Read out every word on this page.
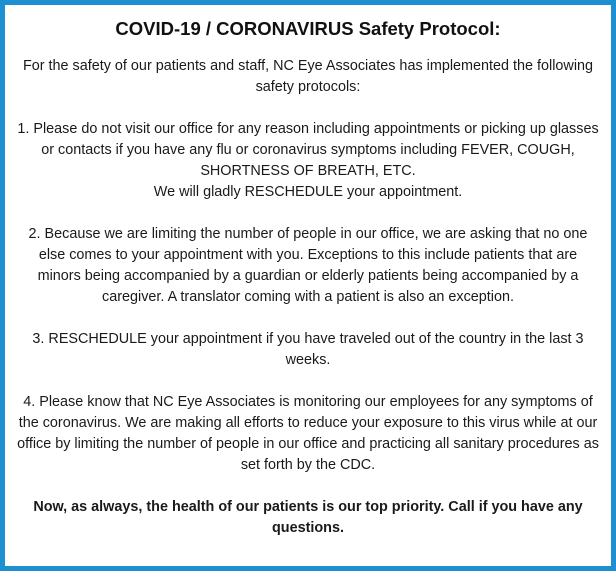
COVID-19 / CORONAVIRUS Safety Protocol:

For the safety of our patients and staff, NC Eye Associates has implemented the following safety protocols:

1. Please do not visit our office for any reason including appointments or picking up glasses or contacts if you have any flu or coronavirus symptoms including FEVER, COUGH, SHORTNESS OF BREATH, ETC.
We will gladly RESCHEDULE your appointment.

2. Because we are limiting the number of people in our office, we are asking that no one else comes to your appointment with you. Exceptions to this include patients that are minors being accompanied by a guardian or elderly patients being accompanied by a caregiver. A translator coming with a patient is also an exception.

3. RESCHEDULE your appointment if you have traveled out of the country in the last 3 weeks.

4. Please know that NC Eye Associates is monitoring our employees for any symptoms of the coronavirus. We are making all efforts to reduce your exposure to this virus while at our office by limiting the number of people in our office and practicing all sanitary procedures as set forth by the CDC.

Now, as always, the health of our patients is our top priority. Call if you have any questions.
